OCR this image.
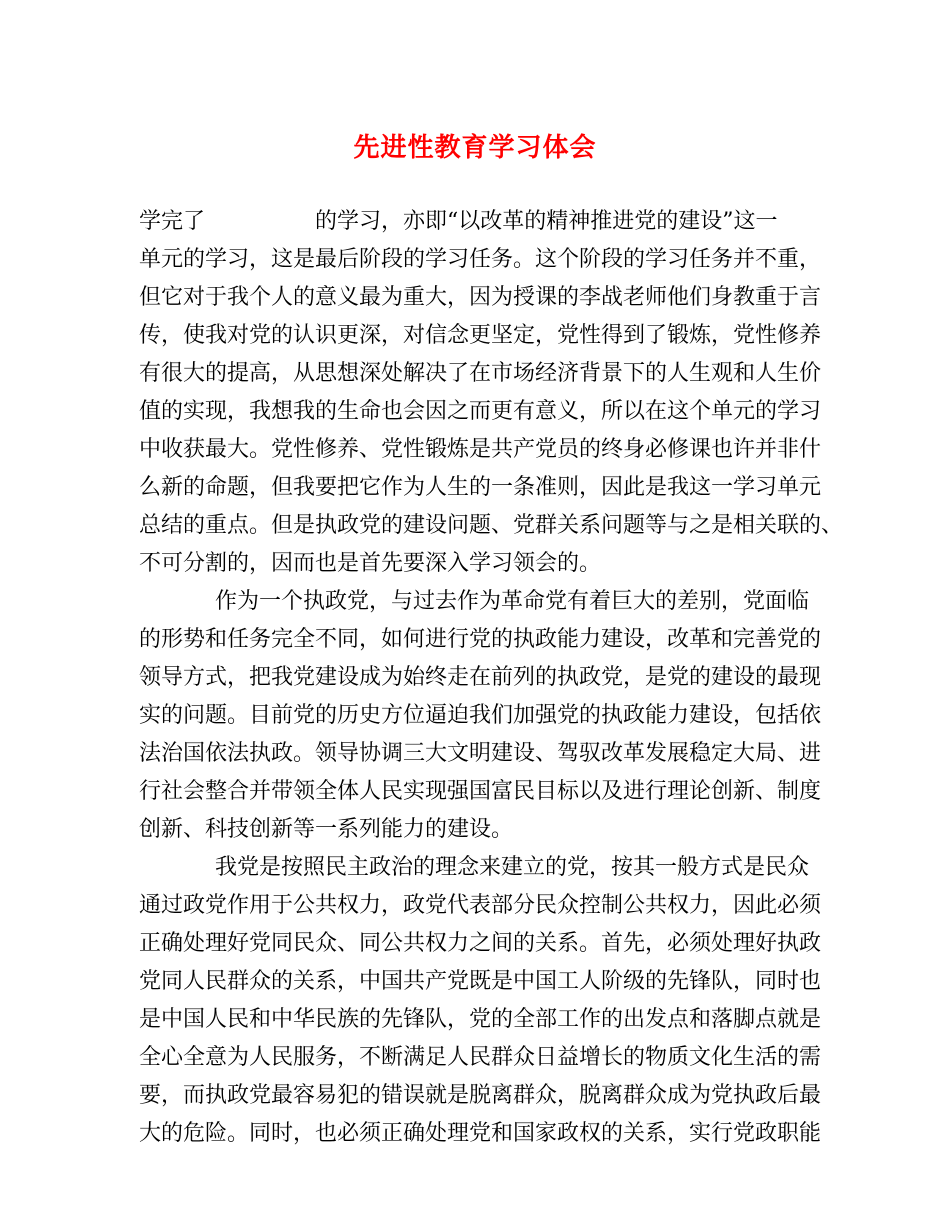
先进性教育学习体会
学完了	的学习，亦即“以改革的精神推进党的建设”这一
单元的学习，这是最后阶段的学习任务。这个阶段的学习任务并不重，
但它对于我个人的意义最为重大，因为授课的李战老师他们身教重于言
传，使我对党的认识更深，对信念更坚定，党性得到了锻炼，党性修养
有很大的提高，从思想深处解决了在市场经济背景下的人生观和人生价
值的实现，我想我的生命也会因之而更有意义，所以在这个单元的学习
中收获最大。党性修养、党性锻炼是共产党员的终身必修课也许并非什
么新的命题，但我要把它作为人生的一条准则，因此是我这一学习单元
总结的重点。但是执政党的建设问题、党群关系问题等与之是相关联的、
不可分割的，因而也是首先要深入学习领会的。
作为一个执政党，与过去作为革命党有着巨大的差别，党面临
的形势和任务完全不同，如何进行党的执政能力建设，改革和完善党的
领导方式，把我党建设成为始终走在前列的执政党，是党的建设的最现
实的问题。目前党的历史方位逼迫我们加强党的执政能力建设，包括依
法治国依法执政。领导协调三大文明建设、驾驭改革发展稳定大局、进
行社会整合并带领全体人民实现强国富民目标以及进行理论创新、制度
创新、科技创新等一系列能力的建设。
我党是按照民主政治的理念来建立的党，按其一般方式是民众
通过政党作用于公共权力，政党代表部分民众控制公共权力，因此必须
正确处理好党同民众、同公共权力之间的关系。首先，必须处理好执政
党同人民群众的关系，中国共产党既是中国工人阶级的先锋队，同时也
是中国人民和中华民族的先锋队，党的全部工作的出发点和落脚点就是
全心全意为人民服务，不断满足人民群众日益增长的物质文化生活的需
要，而执政党最容易犯的错误就是脱离群众，脱离群众成为党执政后最
大的危险。同时，也必须正确处理党和国家政权的关系，实行党政职能
